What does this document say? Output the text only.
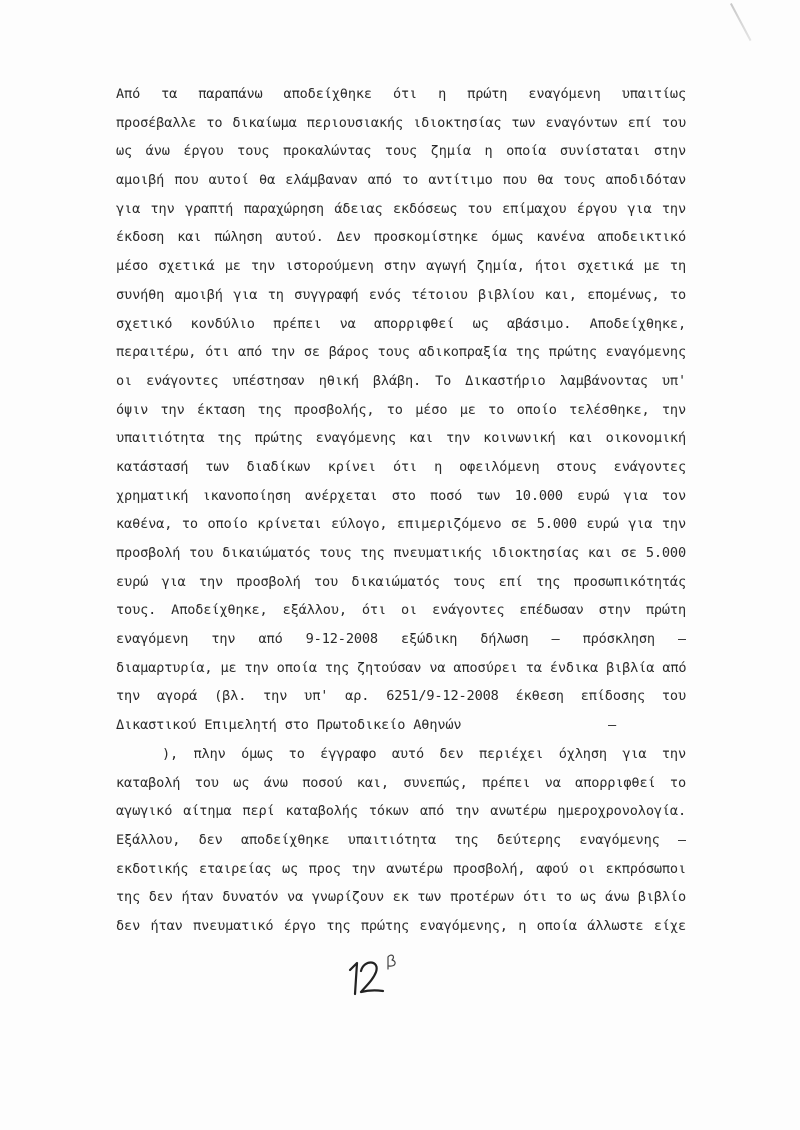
Από τα παραπάνω αποδείχθηκε ότι η πρώτη εναγόμενη υπαιτίως
προσέβαλλε το δικαίωμα περιουσιακής ιδιοκτησίας των εναγόντων επί του
ως άνω έργου τους προκαλώντας τους ζημία η οποία συνίσταται στην
αμοιβή που αυτοί θα ελάμβαναν από το αντίτιμο που θα τους αποδιδόταν
για την γραπτή παραχώρηση άδειας εκδόσεως του επίμαχου έργου για την
έκδοση και πώληση αυτού. Δεν προσκομίστηκε όμως κανένα αποδεικτικό
μέσο σχετικά με την ιστορούμενη στην αγωγή ζημία, ήτοι σχετικά με τη
συνήθη αμοιβή για τη συγγραφή ενός τέτοιου βιβλίου και, επομένως, το
σχετικό κονδύλιο πρέπει να απορριφθεί ως αβάσιμο. Αποδείχθηκε,
περαιτέρω, ότι από την σε βάρος τους αδικοπραξία της πρώτης εναγόμενης
οι ενάγοντες υπέστησαν ηθική βλάβη. Το Δικαστήριο λαμβάνοντας υπ'
όψιν την έκταση της προσβολής, το μέσο με το οποίο τελέσθηκε, την
υπαιτιότητα της πρώτης εναγόμενης και την κοινωνική και οικονομική
κατάστασή των διαδίκων κρίνει ότι η οφειλόμενη στους ενάγοντες
χρηματική ικανοποίηση ανέρχεται στο ποσό των 10.000 ευρώ για τον
καθένα, το οποίο κρίνεται εύλογο, επιμεριζόμενο σε 5.000 ευρώ για την
προσβολή του δικαιώματός τους της πνευματικής ιδιοκτησίας και σε 5.000
ευρώ για την προσβολή του δικαιώματός τους επί της προσωπικότητάς
τους. Αποδείχθηκε, εξάλλου, ότι οι ενάγοντες επέδωσαν στην πρώτη
εναγόμενη την από 9-12-2008 εξώδικη δήλωση — πρόσκληση —
διαμαρτυρία, με την οποία της ζητούσαν να αποσύρει τα ένδικα βιβλία από
την αγορά (βλ. την υπ' αρ. 6251/9-12-2008 έκθεση επίδοσης του
Δικαστικού Επιμελητή στο Πρωτοδικείο Αθηνών	—
), πλην όμως το έγγραφο αυτό δεν περιέχει όχληση για την
καταβολή του ως άνω ποσού και, συνεπώς, πρέπει να απορριφθεί το
αγωγικό αίτημα περί καταβολής τόκων από την ανωτέρω ημεροχρονολογία.
Εξάλλου, δεν αποδείχθηκε υπαιτιότητα της δεύτερης εναγόμενης –
εκδοτικής εταιρείας ως προς την ανωτέρω προσβολή, αφού οι εκπρόσωποι
της δεν ήταν δυνατόν να γνωρίζουν εκ των προτέρων ότι το ως άνω βιβλίο
δεν ήταν πνευματικό έργο της πρώτης εναγόμενης, η οποία άλλωστε είχε
